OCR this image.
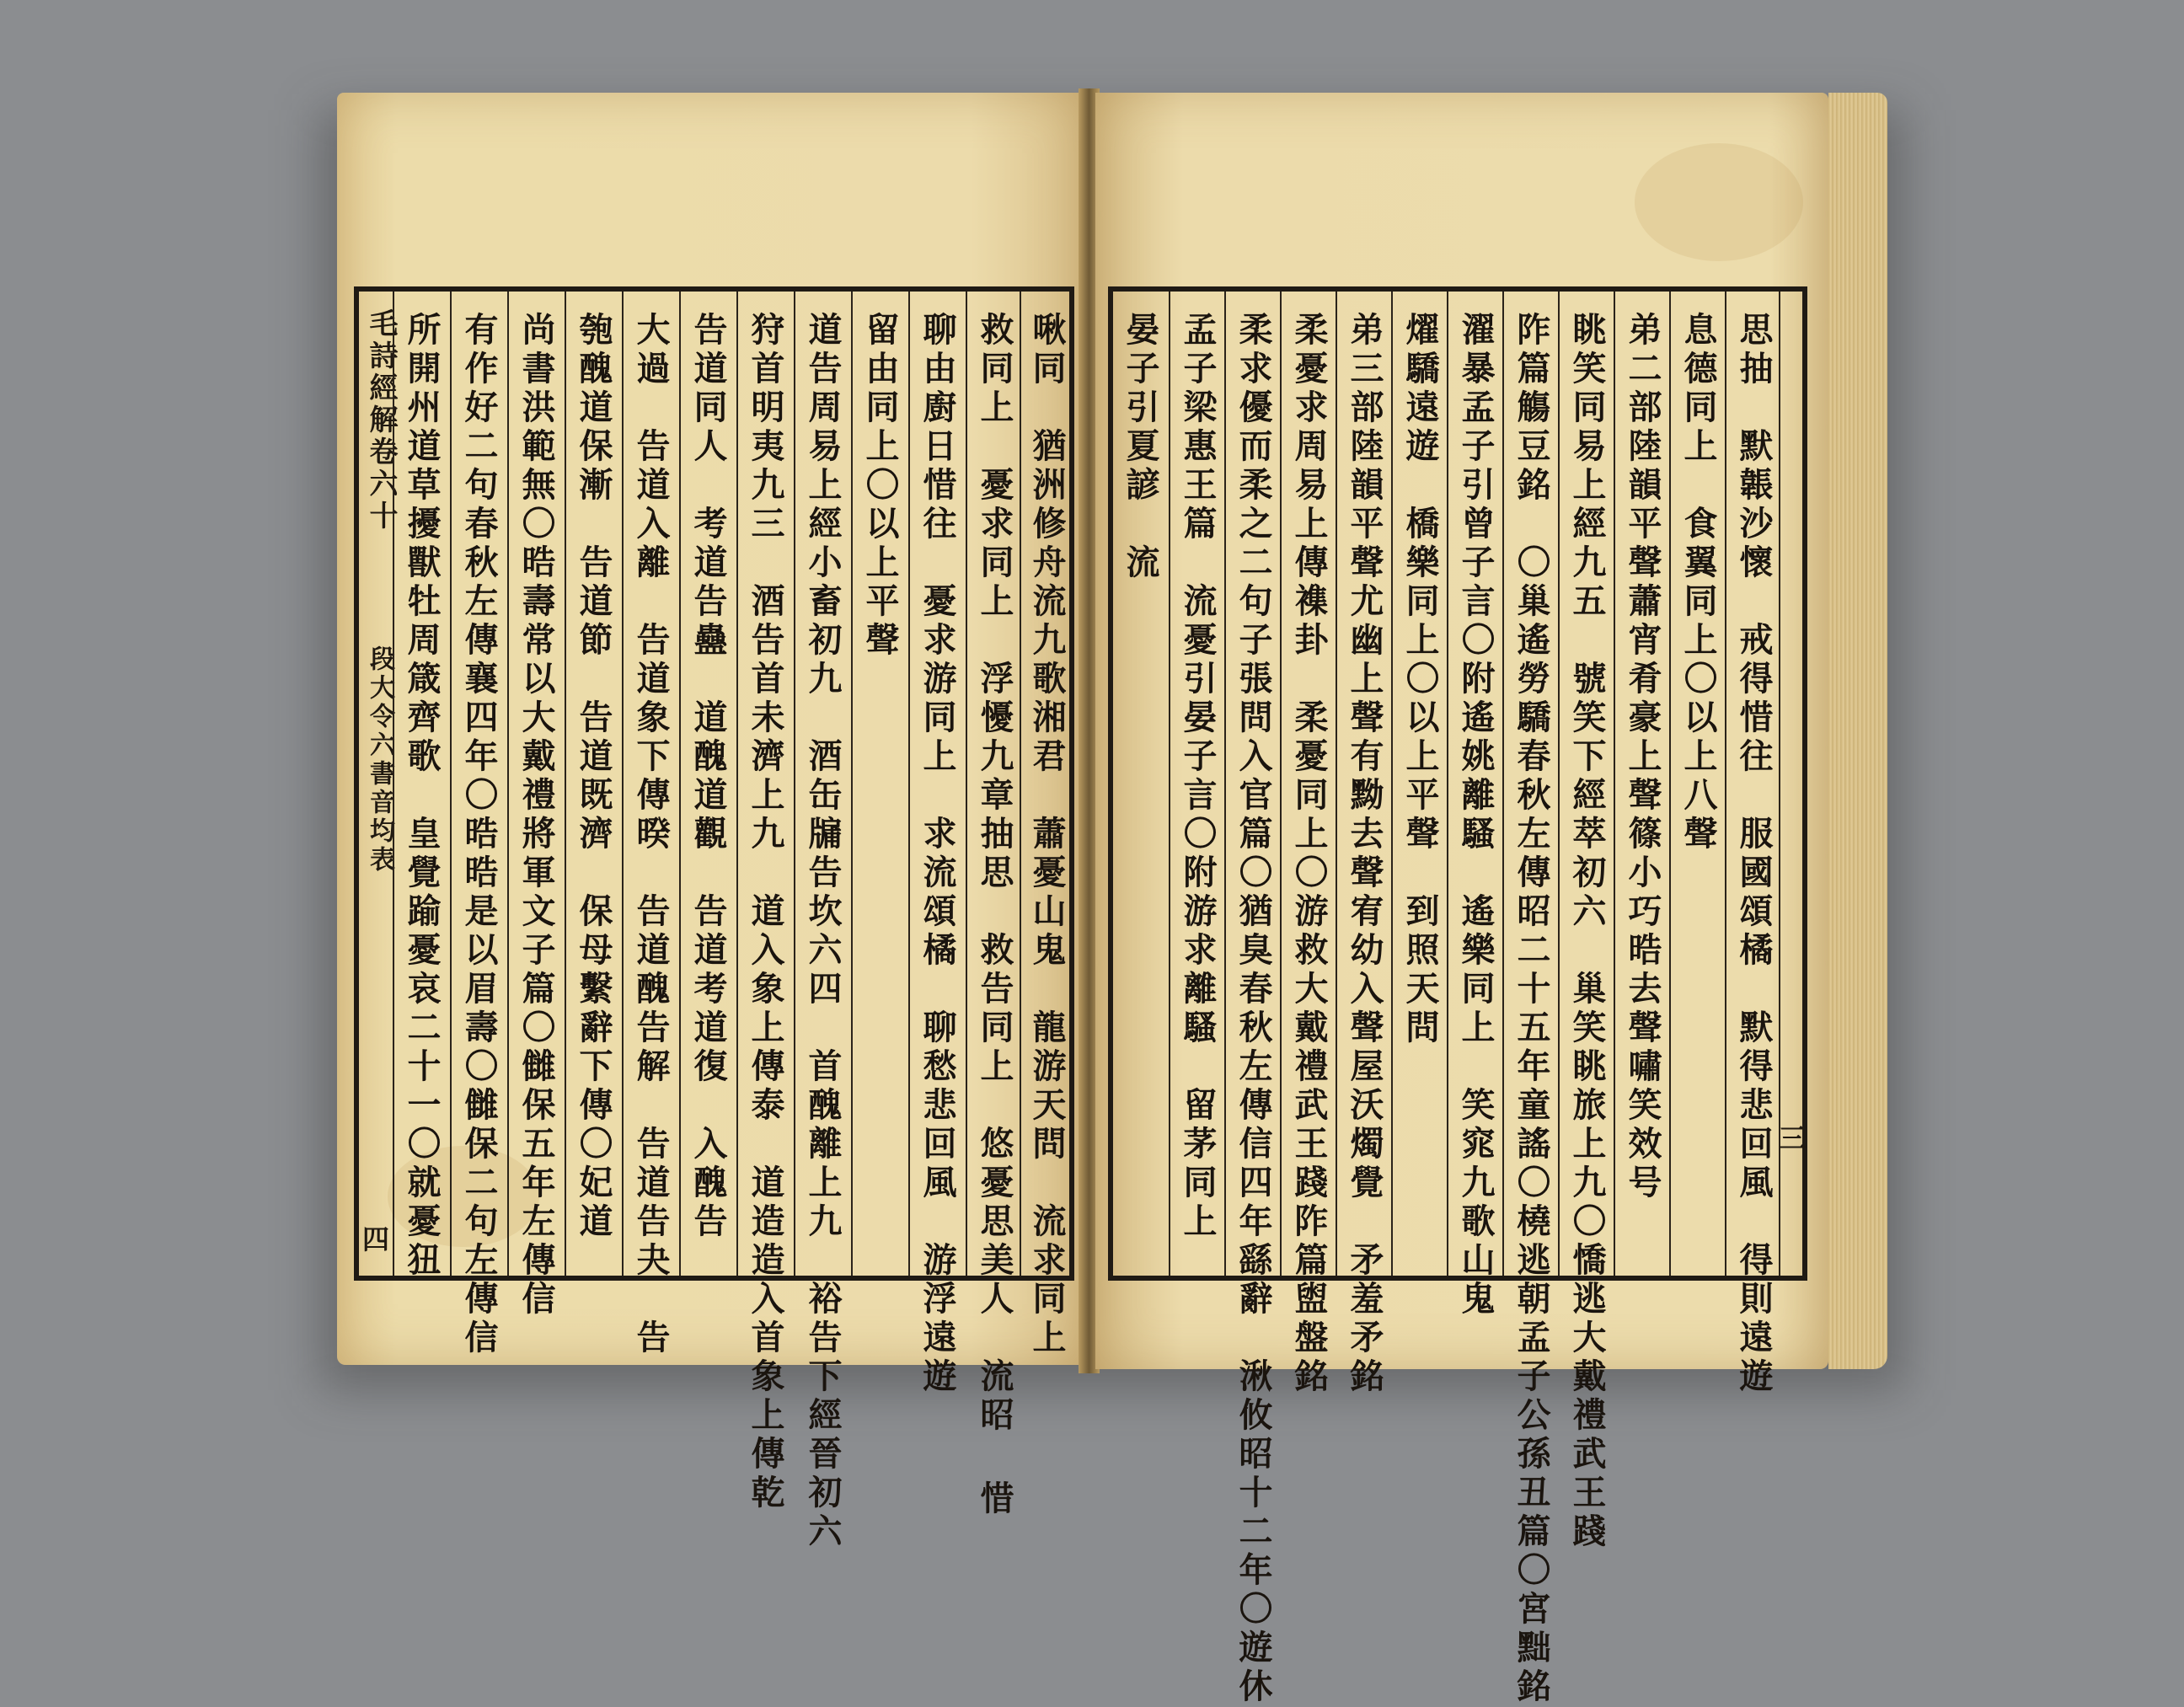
毛詩經解卷六十
段大令六書音均表
四 所開州道草擾獸牡周箴齊歌　皇覺踰憂哀二十一〇就憂狃 有作好二句春秋左傳襄四年〇晧晧是以眉壽〇雠保二句左傳信 尚書洪範無〇晧壽常以大戴禮將軍文子篇〇雠保五年左傳信 匏醜道保漸　告道節　告道既濟　保母繫辭下傳〇妃道 大過　告道入離　告道象下傳暌　告道醜告解　告道告夬　告 告道同人　考道告蠱　道醜道觀　告道考道復　入醜告 狩首明夷九三　酒告首未濟上九　道入象上傳泰　道造造入首象上傳乾 道告周易上經小畜初九　酒缶牖告坎六四　首醜離上九　裕告下經晉初六 留由同上〇以上平聲 聊由廚日惜往　憂求游同上　求流頌橘　聊愁悲回風　游浮遠遊 救同上　憂求同上　浮懮九章抽思　救告同上　悠憂思美人　流昭 惜 啾同　猶洲修舟流九歌湘君　蕭憂山鬼　龍游天問　流求同上 晏子引夏諺　流 孟子梁惠王篇　流憂引晏子言〇附游求離騷　留茅同上 柔求優而柔之二句子張問入官篇〇猶臭春秋左傳信四年繇辭　湫攸昭十二年〇遊休 柔憂求周易上傳襍卦　柔憂同上〇游救大戴禮武王踐阼篇盥盤銘 弟三部陸韻平聲尤幽上聲有黝去聲宥幼入聲屋沃燭覺　矛羞矛銘 燿驕遠遊　橋樂同上〇以上平聲　到照天問 濯暴孟子引曾子言〇附遙姚離騷　遙樂同上　笑窕九歌山鬼 阼篇觴豆銘　〇巢遙勞驕春秋左傳昭二十五年童謠〇橈逃朝孟子公孫丑篇〇宮黜銘 眺笑同易上經九五　號笑下經萃初六　巢笑眺旅上九〇憍逃大戴禮武王踐 弟二部陸韻平聲蕭宵肴豪上聲篠小巧晧去聲嘯笑效号 息德同上　食翼同上〇以上八聲 思抽　默韔沙懷　戒得惜往　服國頌橘　默得悲回風　得則遠遊 三
